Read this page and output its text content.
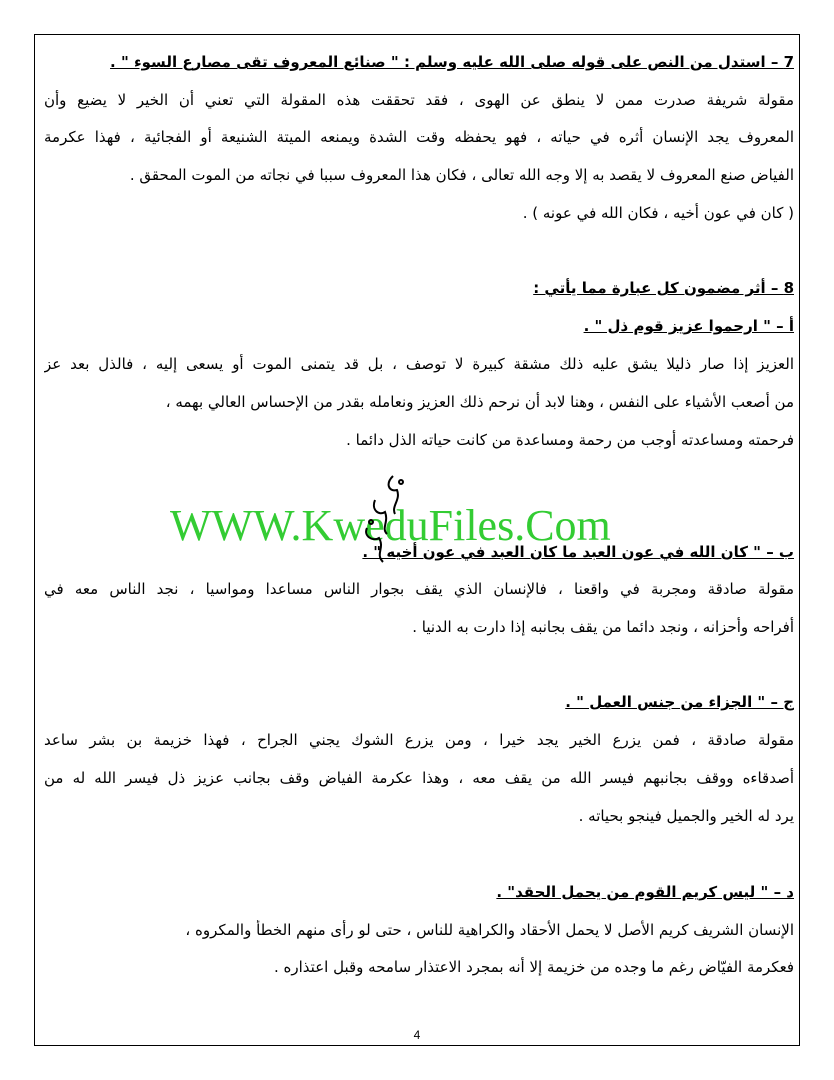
7 – استدل من النص على قوله صلى الله عليه وسلم : " صنائع المعروف تقى مصارع السوء " .
مقولة شريفة صدرت ممن لا ينطق عن الهوى ، فقد تحققت هذه المقولة التي تعني أن الخير لا يضيع وأن
المعروف يجد الإنسان أثره في حياته ، فهو يحفظه وقت الشدة ويمنعه الميتة الشنيعة أو الفجائية ، فهذا عكرمة
الفياض صنع المعروف لا يقصد به إلا وجه الله تعالى ، فكان هذا المعروف سببا في نجاته من الموت المحقق .
( كان في عون أخيه ، فكان الله في عونه ) .
8 – أثر مضمون كل عبارة مما يأتي :
أ – " ارحموا عزيز قوم ذل " .
العزيز إذا صار ذليلا يشق عليه ذلك مشقة كبيرة لا توصف ، بل قد يتمنى الموت أو يسعى إليه ، فالذل بعد عز
من أصعب الأشياء على النفس ، وهنا لابد أن نرحم ذلك العزيز ونعامله بقدر من الإحساس العالي بهمه ،
فرحمته ومساعدته أوجب من رحمة ومساعدة من كانت حياته الذل دائما .
ب – " كان الله في عون العبد ما كان العبد في عون أخيه " .
مقولة صادقة ومجربة في واقعنا ، فالإنسان الذي يقف بجوار الناس مساعدا ومواسيا ، نجد الناس معه في
أفراحه وأحزانه ، ونجد دائما من يقف بجانبه إذا دارت به الدنيا .
ج – " الجزاء من جنس العمل " .
مقولة صادقة ، فمن يزرع الخير يجد خيرا ، ومن يزرع الشوك يجني الجراح ، فهذا خزيمة بن بشر ساعد
أصدقاءه ووقف بجانبهم فيسر الله من يقف معه ، وهذا عكرمة الفياض وقف بجانب عزيز ذل فيسر الله له من
يرد له الخير والجميل فينجو بحياته .
د – " ليس كريم القوم من يحمل الحقد" .
الإنسان الشريف كريم الأصل لا يحمل الأحقاد والكراهية للناس ، حتى لو رأى منهم الخطأ والمكروه ،
فعكرمة الفيّاض رغم ما وجده من خزيمة إلا أنه بمجرد الاعتذار سامحه وقبل اعتذاره .
WWW.KweduFiles.Com
4
